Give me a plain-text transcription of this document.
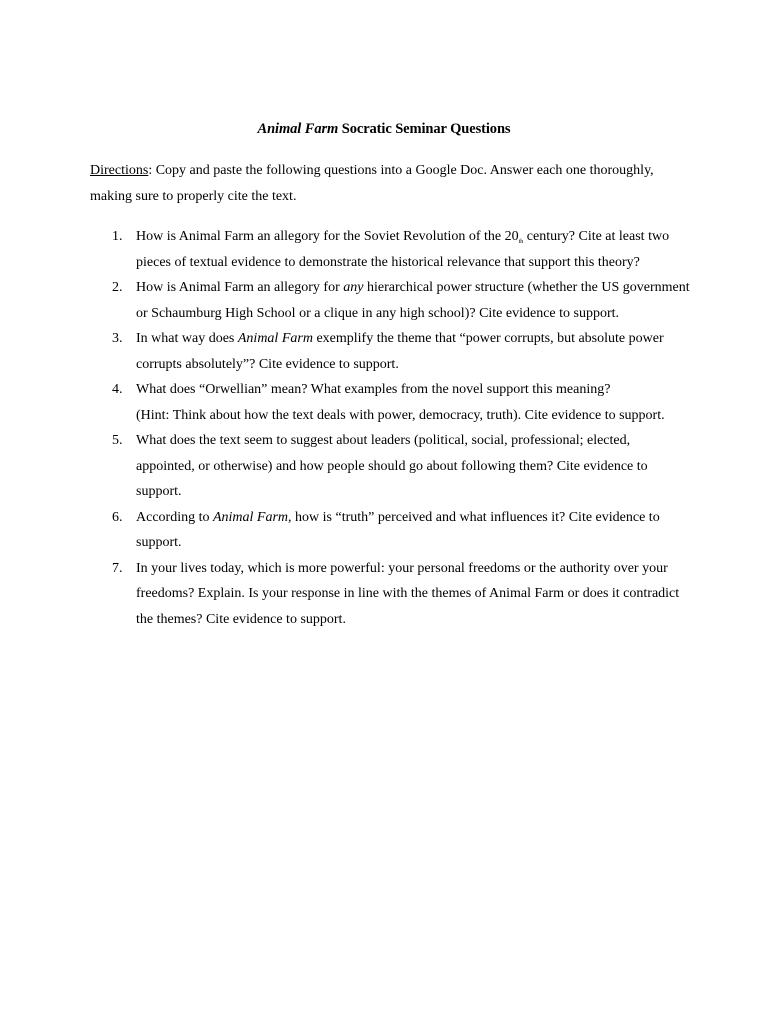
Animal Farm Socratic Seminar Questions
Directions: Copy and paste the following questions into a Google Doc. Answer each one thoroughly, making sure to properly cite the text.
1. How is Animal Farm an allegory for the Soviet Revolution of the 20th century? Cite at least two pieces of textual evidence to demonstrate the historical relevance that support this theory?
2. How is Animal Farm an allegory for any hierarchical power structure (whether the US government or Schaumburg High School or a clique in any high school)? Cite evidence to support.
3. In what way does Animal Farm exemplify the theme that “power corrupts, but absolute power corrupts absolutely”? Cite evidence to support.
4. What does “Orwellian” mean? What examples from the novel support this meaning?
(Hint: Think about how the text deals with power, democracy, truth). Cite evidence to support.
5. What does the text seem to suggest about leaders (political, social, professional; elected, appointed, or otherwise) and how people should go about following them? Cite evidence to support.
6. According to Animal Farm, how is “truth” perceived and what influences it? Cite evidence to support.
7. In your lives today, which is more powerful: your personal freedoms or the authority over your freedoms? Explain. Is your response in line with the themes of Animal Farm or does it contradict the themes? Cite evidence to support.
